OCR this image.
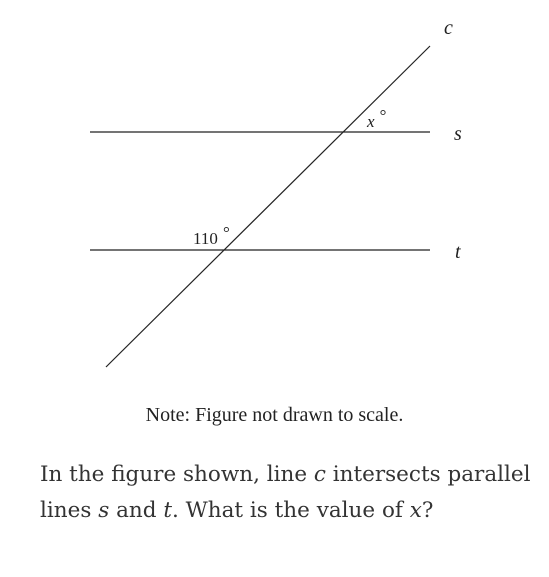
c
s
t
x °
110 °
Note: Figure not drawn to scale.
In the figure shown, line c intersects parallel lines s and t. What is the value of x?
